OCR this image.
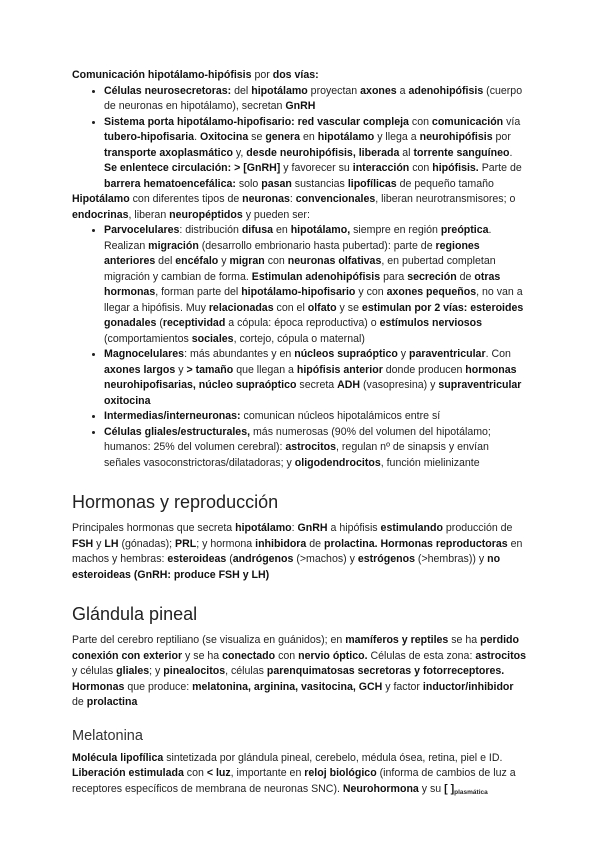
Comunicación hipotálamo-hipófisis por dos vías:

• Células neurosecretoras: del hipotálamo proyectan axones a adenohipófisis (cuerpo de neuronas en hipotálamo), secretan GnRH
• Sistema porta hipotálamo-hipofisario: red vascular compleja con comunicación vía tubero-hipofisaria. Oxitocina se genera en hipotálamo y llega a neurohipófisis por transporte axoplasmático y, desde neurohipófisis, liberada al torrente sanguíneo. Se enlentece circulación: > [GnRH] y favorecer su interacción con hipófisis. Parte de barrera hematoencefálica: solo pasan sustancias lipofílicas de pequeño tamaño

Hipotálamo con diferentes tipos de neuronas: convencionales, liberan neurotransmisores; o endocrinas, liberan neuropéptidos y pueden ser:

• Parvocelulares: distribución difusa en hipotálamo, siempre en región preóptica. Realizan migración (desarrollo embrionario hasta pubertad): parte de regiones anteriores del encéfalo y migran con neuronas olfativas, en pubertad completan migración y cambian de forma. Estimulan adenohipófisis para secreción de otras hormonas, forman parte del hipotálamo-hipofisario y con axones pequeños, no van a llegar a hipófisis. Muy relacionadas con el olfato y se estimulan por 2 vías: esteroides gonadales (receptividad a cópula: época reproductiva) o estímulos nerviosos (comportamientos sociales, cortejo, cópula o maternal)
• Magnocelulares: más abundantes y en núcleos supraóptico y paraventricular. Con axones largos y > tamaño que llegan a hipófisis anterior donde producen hormonas neurohipofisarias, núcleo supraóptico secreta ADH (vasopresina) y supraventricular oxitocina
• Intermedias/interneuronas: comunican núcleos hipotalámicos entre sí
• Células gliales/estructurales, más numerosas (90% del volumen del hipotálamo; humanos: 25% del volumen cerebral): astrocitos, regulan nº de sinapsis y envían señales vasoconstrictoras/dilatadoras; y oligodendrocitos, función mielinizante
Hormonas y reproducción

Principales hormonas que secreta hipotálamo: GnRH a hipófisis estimulando producción de FSH y LH (gónadas); PRL; y hormona inhibidora de prolactina. Hormonas reproductoras en machos y hembras: esteroideas (andrógenos (>machos) y estrógenos (>hembras)) y no esteroideas (GnRH: produce FSH y LH)

Glándula pineal

Parte del cerebro reptiliano (se visualiza en guánidos); en mamíferos y reptiles se ha perdido conexión con exterior y se ha conectado con nervio óptico. Células de esta zona: astrocitos y células gliales; y pinealocitos, células parenquimatosas secretoras y fotorreceptores. Hormonas que produce: melatonina, arginina, vasitocina, GCH y factor inductor/inhibidor de prolactina

Melatonina

Molécula lipofílica sintetizada por glándula pineal, cerebelo, médula ósea, retina, piel e ID. Liberación estimulada con < luz, importante en reloj biológico (informa de cambios de luz a receptores específicos de membrana de neuronas SNC). Neurohormona y su [ ]$_{plasmática}$
